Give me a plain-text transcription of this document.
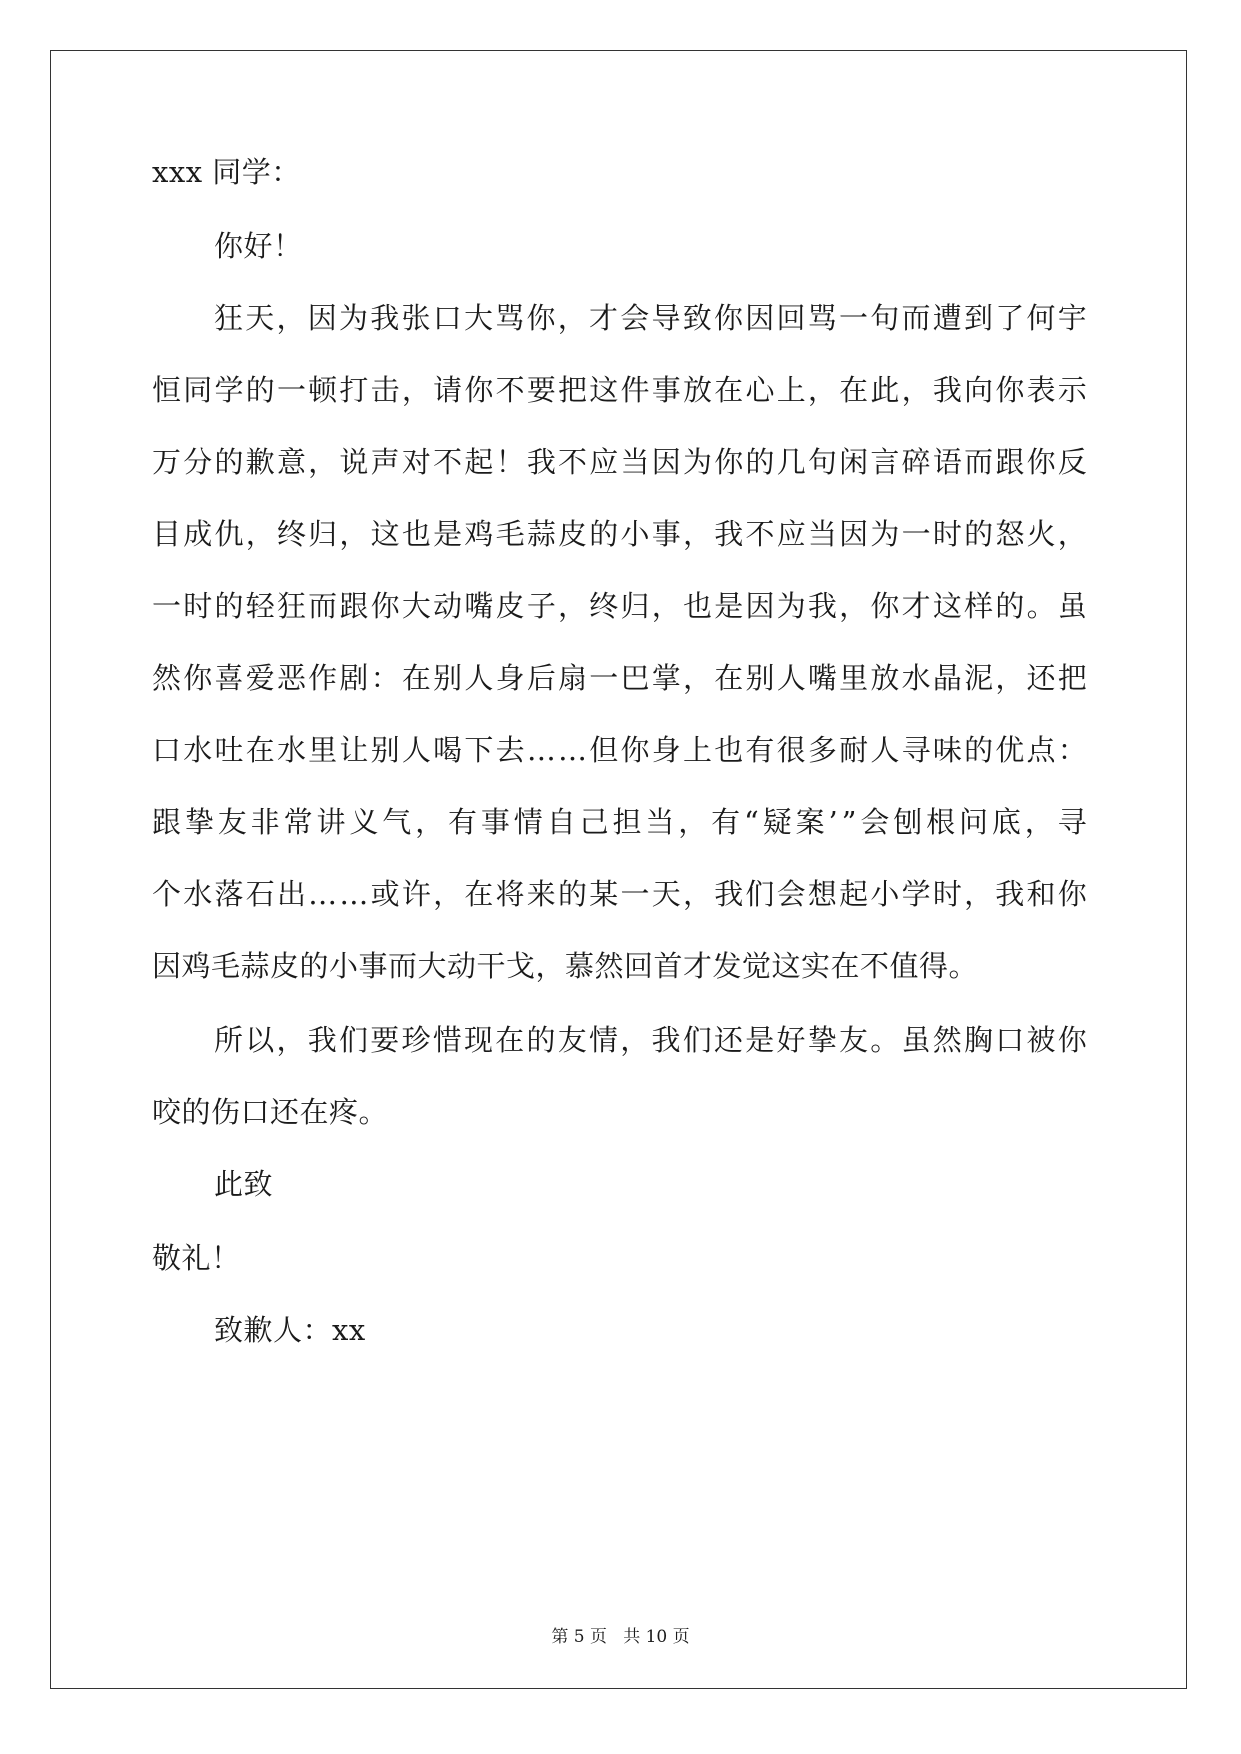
xxx 同学：
你好！
狂 天 ， 因 为 我 张 口 大 骂 你 ， 才 会 导 致 你 因 回 骂 一 句 而 遭 到 了 何 宇
恒 同 学 的 一 顿 打 击 ， 请 你 不 要 把 这 件 事 放 在 心 上 ， 在 此 ， 我 向 你 表 示
万 分 的 歉 意 ， 说 声 对 不 起 ！ 我 不 应 当 因 为 你 的 几 句 闲 言 碎 语 而 跟 你 反
目 成 仇 ， 终 归 ， 这 也 是 鸡 毛 蒜 皮 的 小 事 ， 我 不 应 当 因 为 一 时 的 怒 火 ，
一 时 的 轻 狂 而 跟 你 大 动 嘴 皮 子 ， 终 归 ， 也 是 因 为 我 ， 你 才 这 样 的 。 虽
然 你 喜 爱 恶 作 剧 ： 在 别 人 身 后 扇 一 巴 掌 ， 在 别 人 嘴 里 放 水 晶 泥 ， 还 把
口 水 吐 在 水 里 让 别 人 喝 下 去 … … 但 你 身 上 也 有 很 多 耐 人 寻 味 的 优 点 ：
跟 挚 友 非 常 讲 义 气 ， 有 事 情 自 己 担 当 ， 有 “ 疑 案 ’ ” 会 刨 根 问 底 ， 寻
个 水 落 石 出 … … 或 许 ， 在 将 来 的 某 一 天 ， 我 们 会 想 起 小 学 时 ， 我 和 你
因鸡毛蒜皮的小事而大动干戈，慕然回首才发觉这实在不值得。
所 以 ， 我 们 要 珍 惜 现 在 的 友 情 ， 我 们 还 是 好 挚 友 。 虽 然 胸 口 被 你
咬的伤口还在疼。
此致
敬礼！
致歉人：xx
第 5 页   共 10 页
